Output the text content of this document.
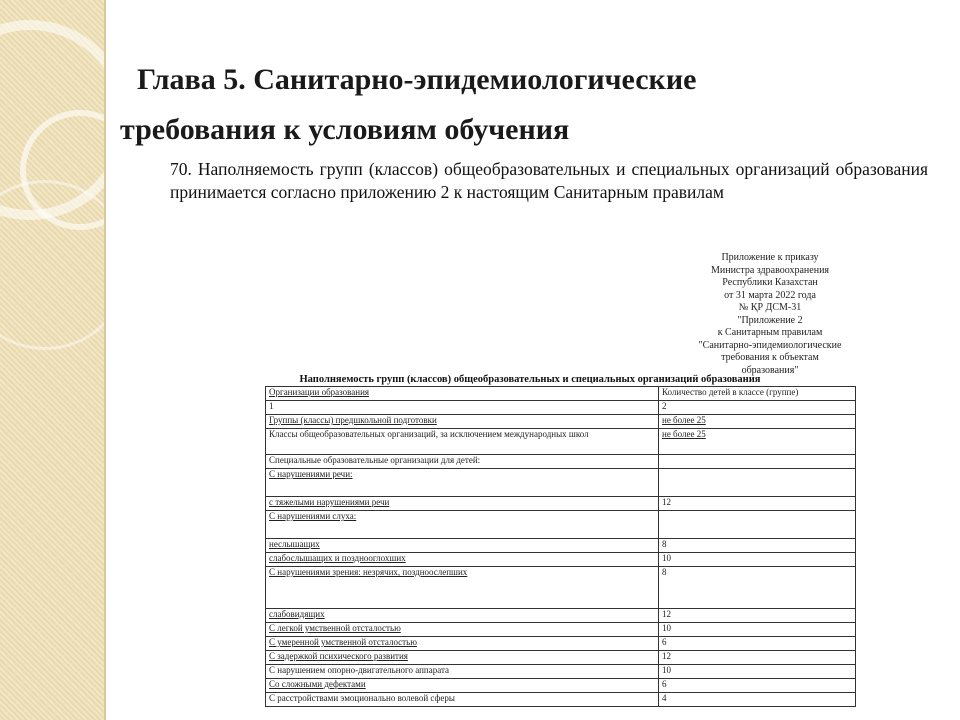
Глава 5. Санитарно-эпидемиологические
требования к условиям обучения

70. Наполняемость групп (классов) общеобразовательных и специальных организаций образования принимается согласно приложению 2 к настоящим Санитарным правилам

Приложение к приказу
Министра здравоохранения
Республики Казахстан
от 31 марта 2022 года
№ ҚР ДСМ-31
"Приложение 2
к Санитарным правилам
"Санитарно-эпидемиологические
требования к объектам
образования"
Наполняемость групп (классов) общеобразовательных и специальных организаций образования
Организации образования	Количество детей в классе (группе)
1	2
Группы (классы) предшкольной подготовки	не более 25
Классы общеобразовательных организаций, за исключением международных школ	не более 25
Специальные образовательные организации для детей:	
С нарушениями речи:	
с тяжелыми нарушениями речи	12
С нарушениями слуха:	
неслышащих	8
слабослышащих и позднооглохших	10
С нарушениями зрения: незрячих, поздноослепших	8
слабовидящих	12
С легкой умственной отсталостью	10
С умеренной умственной отсталостью	6
С задержкой психического развития	12
С нарушением опорно-двигательного аппарата	10
Со сложными дефектами	6
С расстройствами эмоционально волевой сферы	4
